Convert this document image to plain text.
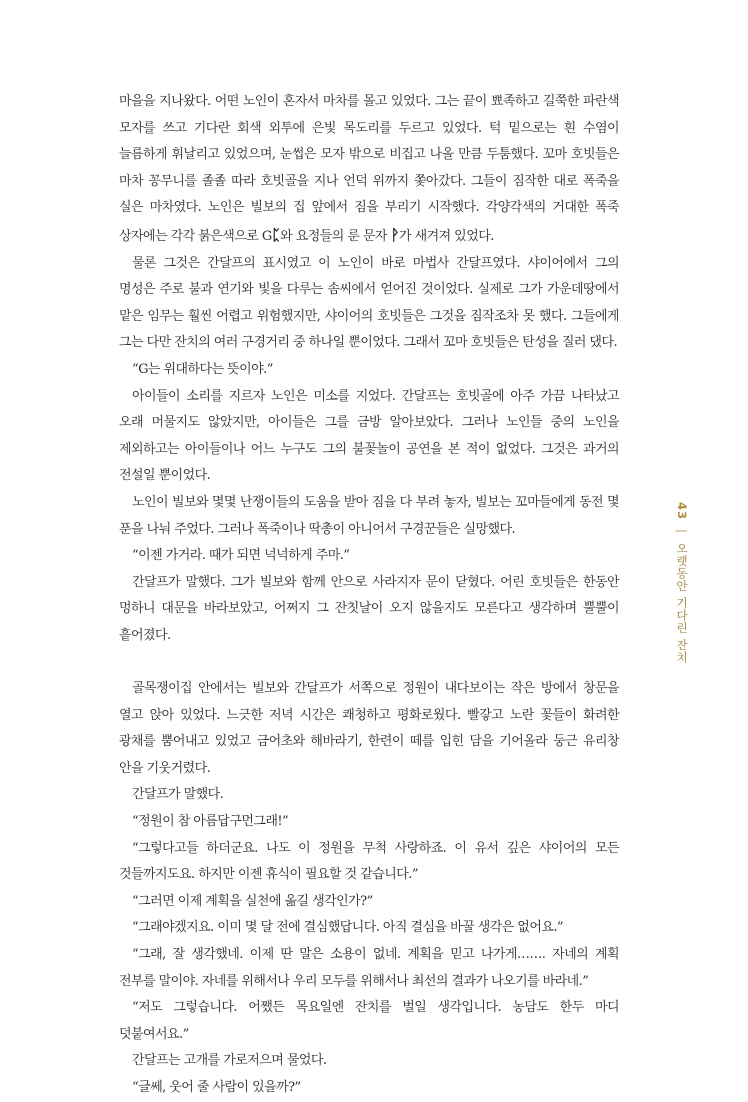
마을을 지나왔다. 어떤 노인이 혼자서 마차를 몰고 있었다. 그는 끝이 뾰족하고 길쭉한 파란색 모자를 쓰고 기다란 회색 외투에 은빛 목도리를 두르고 있었다. 턱 밑으로는 흰 수염이 늘름하게 휘날리고 있었으며, 눈썹은 모자 밖으로 비집고 나올 만큼 두툼했다. 꼬마 호빗들은 마차 꽁무니를 졸졸 따라 호빗골을 지나 언덕 위까지 쫓아갔다. 그들이 짐작한 대로 폭죽을 실은 마차였다. 노인은 빌보의 집 앞에서 짐을 부리기 시작했다. 각양각색의 거대한 폭죽 상자에는 각각 붉은색으로 Gᛈ와 요정들의 룬 문자 ᚹ가 새겨져 있었다.

물론 그것은 간달프의 표시였고 이 노인이 바로 마법사 간달프였다. 샤이어에서 그의 명성은 주로 불과 연기와 빛을 다루는 솜씨에서 얻어진 것이었다. 실제로 그가 가운데땅에서 맡은 임무는 훨씬 어렵고 위험했지만, 샤이어의 호빗들은 그것을 짐작조차 못 했다. 그들에게 그는 다만 잔치의 여러 구경거리 중 하나일 뿐이었다. 그래서 꼬마 호빗들은 탄성을 질러 댔다.

“G는 위대하다는 뜻이야.”

아이들이 소리를 지르자 노인은 미소를 지었다. 간달프는 호빗골에 아주 가끔 나타났고 오래 머물지도 않았지만, 아이들은 그를 금방 알아보았다. 그러나 노인들 중의 노인을 제외하고는 아이들이나 어느 누구도 그의 불꽃놀이 공연을 본 적이 없었다. 그것은 과거의 전설일 뿐이었다.

노인이 빌보와 몇몇 난쟁이들의 도움을 받아 짐을 다 부려 놓자, 빌보는 꼬마들에게 동전 몇 푼을 나눠 주었다. 그러나 폭죽이나 딱총이 아니어서 구경꾼들은 실망했다.

“이젠 가거라. 때가 되면 넉넉하게 주마.”

간달프가 말했다. 그가 빌보와 함께 안으로 사라지자 문이 닫혔다. 어린 호빗들은 한동안 멍하니 대문을 바라보았고, 어쩌지 그 잔칫날이 오지 않을지도 모른다고 생각하며 뿔뿔이 흩어졌다.

골목쟁이집 안에서는 빌보와 간달프가 서쪽으로 정원이 내다보이는 작은 방에서 창문을 열고 앉아 있었다. 느긋한 저녁 시간은 쾌청하고 평화로웠다. 빨갛고 노란 꽃들이 화려한 광채를 뿜어내고 있었고 금어초와 해바라기, 한련이 떼를 입힌 담을 기어올라 둥근 유리창 안을 기웃거렸다.

간달프가 말했다.

“정원이 참 아름답구먼그래!”

“그렇다고들 하더군요. 나도 이 정원을 무척 사랑하죠. 이 유서 깊은 샤이어의 모든 것들까지도요. 하지만 이젠 휴식이 필요할 것 같습니다.”

“그러면 이제 계획을 실천에 옮길 생각인가?”

“그래야겠지요. 이미 몇 달 전에 결심했답니다. 아직 결심을 바꿀 생각은 없어요.”

“그래, 잘 생각했네. 이제 딴 말은 소용이 없네. 계획을 믿고 나가게……. 자네의 계획 전부를 말이야. 자네를 위해서나 우리 모두를 위해서나 최선의 결과가 나오기를 바라네.”

“저도 그렇습니다. 어쨌든 목요일엔 잔치를 벌일 생각입니다. 농담도 한두 마디 덧붙여서요.”

간달프는 고개를 가로저으며 물었다.

“글쎄, 웃어 줄 사람이 있을까?”

43 | 오랫동안 기다린 잔치
